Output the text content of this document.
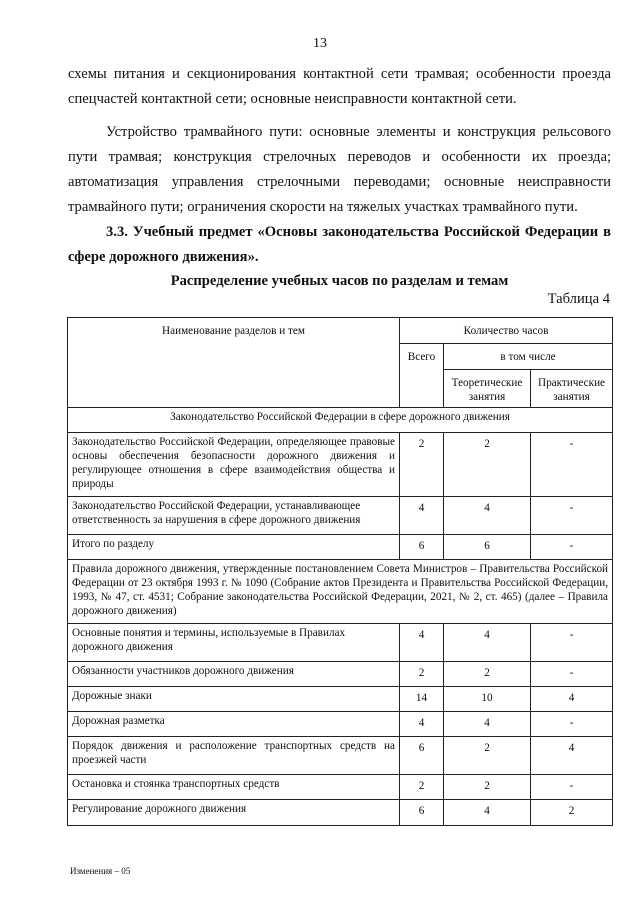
13
схемы питания и секционирования контактной сети трамвая; особенности проезда спецчастей контактной сети; основные неисправности контактной сети.
Устройство трамвайного пути: основные элементы и конструкция рельсового пути трамвая; конструкция стрелочных переводов и особенности их проезда; автоматизация управления стрелочными переводами; основные неисправности трамвайного пути; ограничения скорости на тяжелых участках трамвайного пути.
3.3. Учебный предмет «Основы законодательства Российской Федерации в сфере дорожного движения».
Распределение учебных часов по разделам и темам
Таблица 4
Наименование разделов и тем	Количество часов		
	Всего	в том числе	
		Теоретические занятия	Практические занятия
Законодательство Российской Федерации в сфере дорожного движения			
Законодательство Российской Федерации, определяющее правовые основы обеспечения безопасности дорожного движения и регулирующее отношения в сфере взаимодействия общества и природы	2	2	-
Законодательство Российской Федерации, устанавливающее ответственность за нарушения в сфере дорожного движения	4	4	-
Итого по разделу	6	6	-
Правила дорожного движения, утвержденные постановлением Совета Министров – Правительства Российской Федерации от 23 октября 1993 г. № 1090 (Собрание актов Президента и Правительства Российской Федерации, 1993, № 47, ст. 4531; Собрание законодательства Российской Федерации, 2021, № 2, ст. 465) (далее – Правила дорожного движения)			
Основные понятия и термины, используемые в Правилах дорожного движения	4	4	-
Обязанности участников дорожного движения	2	2	-
Дорожные знаки	14	10	4
Дорожная разметка	4	4	-
Порядок движения и расположение транспортных средств на проезжей части	6	2	4
Остановка и стоянка транспортных средств	2	2	-
Регулирование дорожного движения	6	4	2
Изменения – 05
